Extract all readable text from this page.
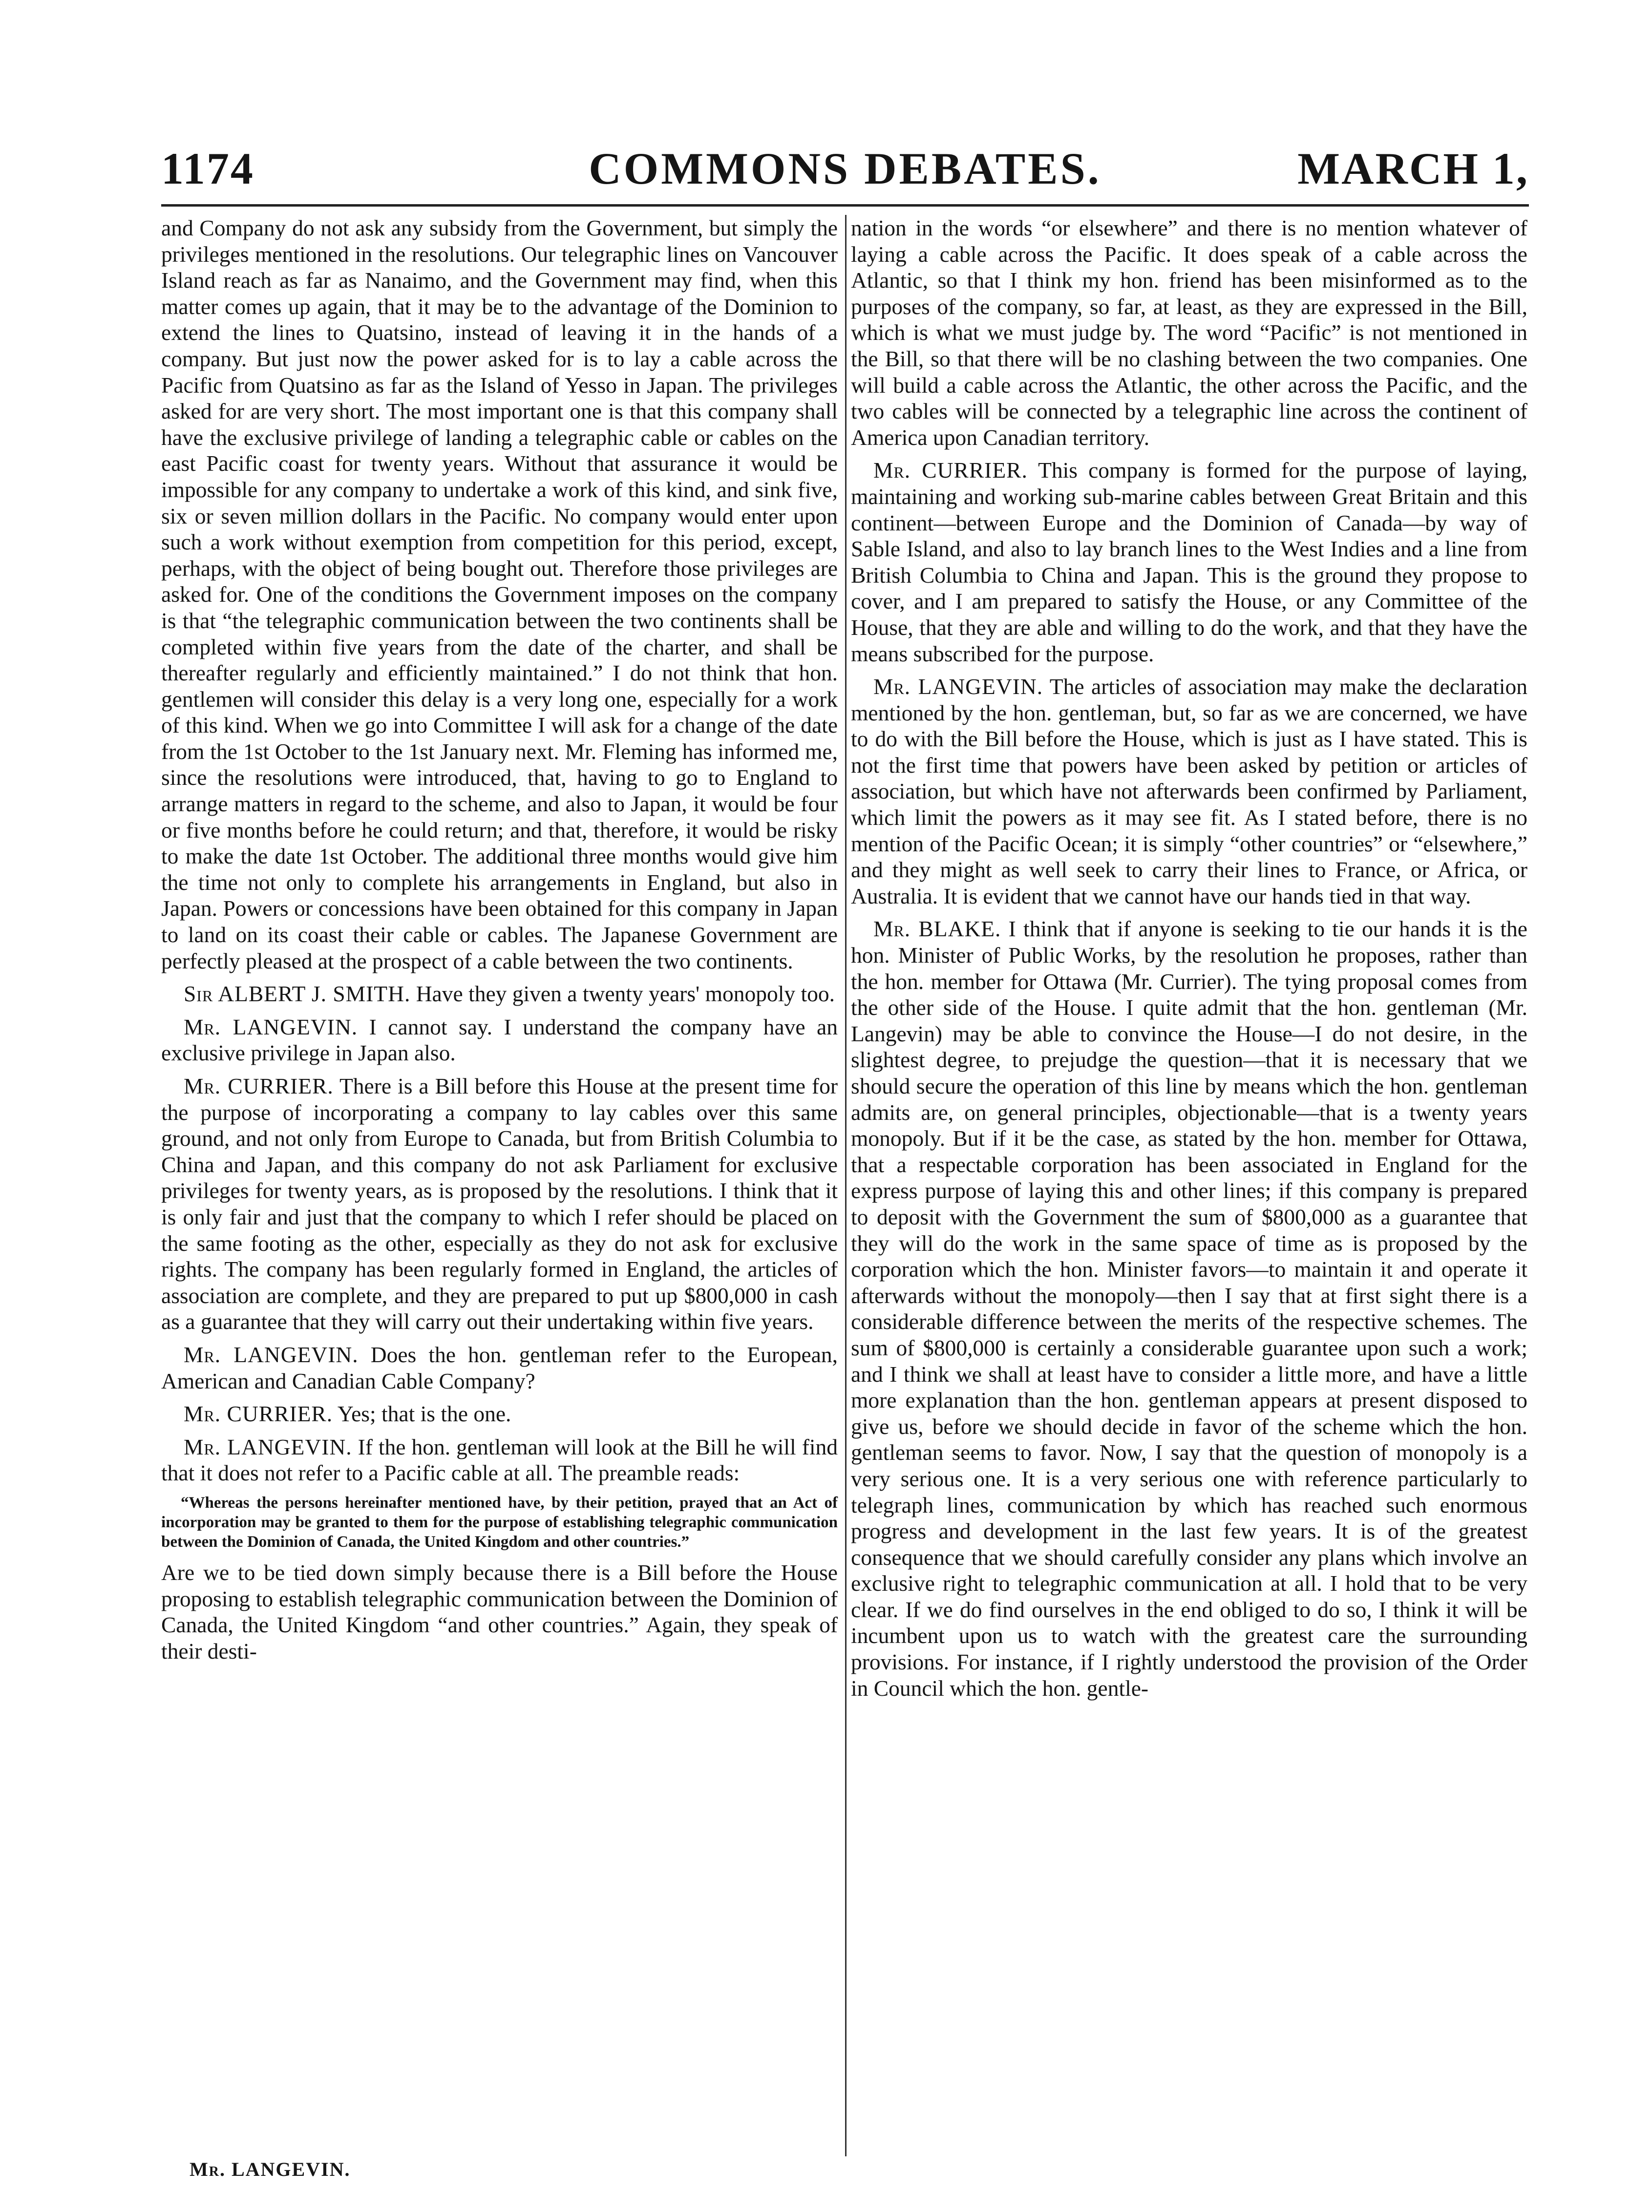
1174	COMMONS DEBATES.	MARCH 1,

and Company do not ask any subsidy from the Government, but simply the privileges mentioned in the resolutions. Our telegraphic lines on Vancouver Island reach as far as Nanaimo, and the Government may find, when this matter comes up again, that it may be to the advantage of the Dominion to extend the lines to Quatsino, instead of leaving it in the hands of a company. But just now the power asked for is to lay a cable across the Pacific from Quatsino as far as the Island of Yesso in Japan. The privileges asked for are very short. The most important one is that this company shall have the exclusive privilege of landing a telegraphic cable or cables on the east Pacific coast for twenty years. Without that assurance it would be impossible for any company to undertake a work of this kind, and sink five, six or seven million dollars in the Pacific. No company would enter upon such a work without exemption from competition for this period, except, perhaps, with the object of being bought out. Therefore those privileges are asked for. One of the conditions the Government imposes on the company is that “the telegraphic communication between the two continents shall be completed within five years from the date of the charter, and shall be thereafter regularly and efficiently maintained.” I do not think that hon. gentlemen will consider this delay is a very long one, especially for a work of this kind. When we go into Committee I will ask for a change of the date from the 1st October to the 1st January next. Mr. Fleming has informed me, since the resolutions were introduced, that, having to go to England to arrange matters in regard to the scheme, and also to Japan, it would be four or five months before he could return; and that, therefore, it would be risky to make the date 1st October. The additional three months would give him the time not only to complete his arrangements in England, but also in Japan. Powers or concessions have been obtained for this company in Japan to land on its coast their cable or cables. The Japanese Government are perfectly pleased at the prospect of a cable between the two continents.

Sir ALBERT J. SMITH. Have they given a twenty years' monopoly too.

Mr. LANGEVIN. I cannot say. I understand the company have an exclusive privilege in Japan also.

Mr. CURRIER. There is a Bill before this House at the present time for the purpose of incorporating a company to lay cables over this same ground, and not only from Europe to Canada, but from British Columbia to China and Japan, and this company do not ask Parliament for exclusive privileges for twenty years, as is proposed by the resolutions. I think that it is only fair and just that the company to which I refer should be placed on the same footing as the other, especially as they do not ask for exclusive rights. The company has been regularly formed in England, the articles of association are complete, and they are prepared to put up $800,000 in cash as a guarantee that they will carry out their undertaking within five years.

Mr. LANGEVIN. Does the hon. gentleman refer to the European, American and Canadian Cable Company?

Mr. CURRIER. Yes; that is the one.

Mr. LANGEVIN. If the hon. gentleman will look at the Bill he will find that it does not refer to a Pacific cable at all. The preamble reads:

“Whereas the persons hereinafter mentioned have, by their petition, prayed that an Act of incorporation may be granted to them for the purpose of establishing telegraphic communication between the Dominion of Canada, the United Kingdom and other countries.”

Are we to be tied down simply because there is a Bill before the House proposing to establish telegraphic communication between the Dominion of Canada, the United Kingdom “and other countries.” Again, they speak of their desti-

nation in the words “or elsewhere” and there is no mention whatever of laying a cable across the Pacific. It does speak of a cable across the Atlantic, so that I think my hon. friend has been misinformed as to the purposes of the company, so far, at least, as they are expressed in the Bill, which is what we must judge by. The word “Pacific” is not mentioned in the Bill, so that there will be no clashing between the two companies. One will build a cable across the Atlantic, the other across the Pacific, and the two cables will be connected by a telegraphic line across the continent of America upon Canadian territory.

Mr. CURRIER. This company is formed for the purpose of laying, maintaining and working sub-marine cables between Great Britain and this continent—between Europe and the Dominion of Canada—by way of Sable Island, and also to lay branch lines to the West Indies and a line from British Columbia to China and Japan. This is the ground they propose to cover, and I am prepared to satisfy the House, or any Committee of the House, that they are able and willing to do the work, and that they have the means subscribed for the purpose.

Mr. LANGEVIN. The articles of association may make the declaration mentioned by the hon. gentleman, but, so far as we are concerned, we have to do with the Bill before the House, which is just as I have stated. This is not the first time that powers have been asked by petition or articles of association, but which have not afterwards been confirmed by Parliament, which limit the powers as it may see fit. As I stated before, there is no mention of the Pacific Ocean; it is simply “other countries” or “elsewhere,” and they might as well seek to carry their lines to France, or Africa, or Australia. It is evident that we cannot have our hands tied in that way.

Mr. BLAKE. I think that if anyone is seeking to tie our hands it is the hon. Minister of Public Works, by the resolution he proposes, rather than the hon. member for Ottawa (Mr. Currier). The tying proposal comes from the other side of the House. I quite admit that the hon. gentleman (Mr. Langevin) may be able to convince the House—I do not desire, in the slightest degree, to prejudge the question—that it is necessary that we should secure the operation of this line by means which the hon. gentleman admits are, on general principles, objectionable—that is a twenty years monopoly. But if it be the case, as stated by the hon. member for Ottawa, that a respectable corporation has been associated in England for the express purpose of laying this and other lines; if this company is prepared to deposit with the Government the sum of $800,000 as a guarantee that they will do the work in the same space of time as is proposed by the corporation which the hon. Minister favors—to maintain it and operate it afterwards without the monopoly—then I say that at first sight there is a considerable difference between the merits of the respective schemes. The sum of $800,000 is certainly a considerable guarantee upon such a work; and I think we shall at least have to consider a little more, and have a little more explanation than the hon. gentleman appears at present disposed to give us, before we should decide in favor of the scheme which the hon. gentleman seems to favor. Now, I say that the question of monopoly is a very serious one. It is a very serious one with reference particularly to telegraph lines, communication by which has reached such enormous progress and development in the last few years. It is of the greatest consequence that we should carefully consider any plans which involve an exclusive right to telegraphic communication at all. I hold that to be very clear. If we do find ourselves in the end obliged to do so, I think it will be incumbent upon us to watch with the greatest care the surrounding provisions. For instance, if I rightly understood the provision of the Order in Council which the hon. gentle-

Mr. LANGEVIN.
